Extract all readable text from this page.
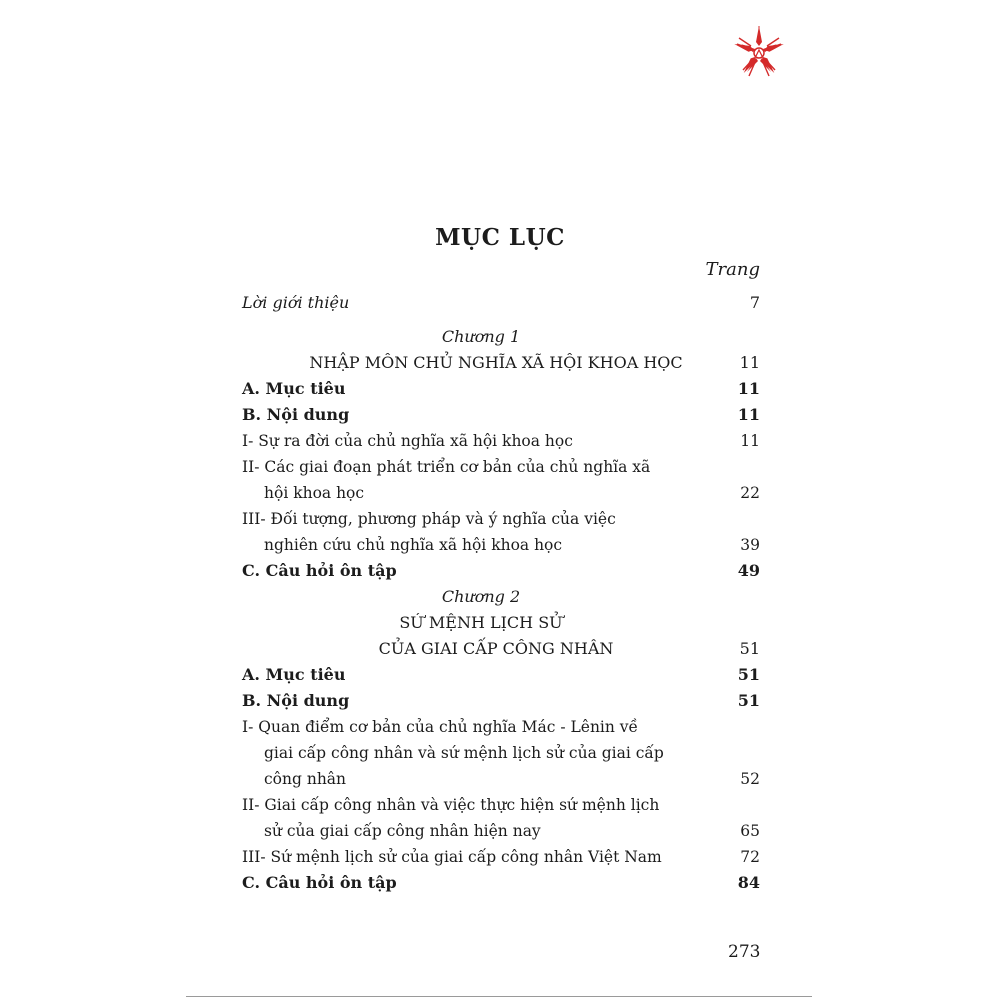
MỤC LỤC
Trang
Lời giới thiệu	7
Chương 1
NHẬP MÔN CHỦ NGHĨA XÃ HỘI KHOA HỌC	11
A. Mục tiêu	11
B. Nội dung	11
I- Sự ra đời của chủ nghĩa xã hội khoa học	11
II- Các giai đoạn phát triển cơ bản của chủ nghĩa xã
hội khoa học	22
III- Đối tượng, phương pháp và ý nghĩa của việc
nghiên cứu chủ nghĩa xã hội khoa học	39
C. Câu hỏi ôn tập	49
Chương 2
SỨ MỆNH LỊCH SỬ
CỦA GIAI CẤP CÔNG NHÂN	51
A. Mục tiêu	51
B. Nội dung	51
I- Quan điểm cơ bản của chủ nghĩa Mác - Lênin về
giai cấp công nhân và sứ mệnh lịch sử của giai cấp
công nhân	52
II- Giai cấp công nhân và việc thực hiện sứ mệnh lịch
sử của giai cấp công nhân hiện nay	65
III- Sứ mệnh lịch sử của giai cấp công nhân Việt Nam	72
C. Câu hỏi ôn tập	84
273
